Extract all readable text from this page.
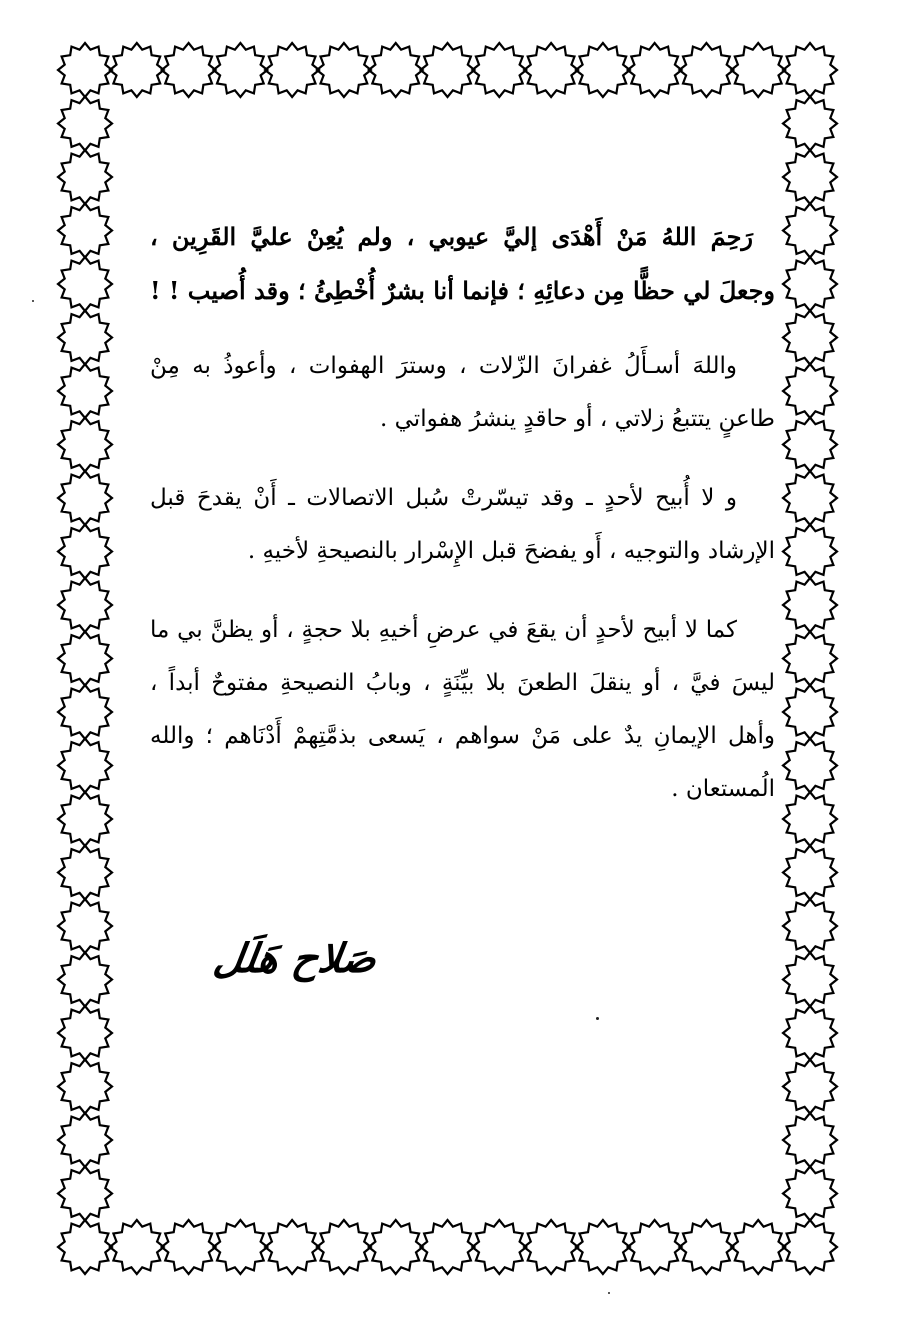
رَحِمَ اللهُ مَنْ أَهْدَى إليَّ عيوبي ، ولم يُعِنْ عليَّ القَرِين ، وجعلَ لي حظًّا مِن دعائِهِ ؛ فإنما أنا بشرٌ أُخْطِئُ ؛ وقد أُصيب ! !

واللهَ أسـأَلُ غفرانَ الزّلات ، وسترَ الهفوات ، وأعوذُ به مِنْ طاعنٍ يتتبعُ زلاتي ، أو حاقدٍ ينشرُ هفواتي .

و لا أُبيح لأحدٍ ـ وقد تيسّرتْ سُبل الاتصالات ـ أَنْ يقدحَ قبل الإرشاد والتوجيه ، أَو يفضحَ قبل الإِسْرار بالنصيحةِ لأخيهِ .

كما لا أبيح لأحدٍ أن يقعَ في عرضِ أخيهِ بلا حجةٍ ، أو يظنَّ بي ما ليسَ فيَّ ، أو ينقلَ الطعنَ بلا بيِّنَةٍ ، وبابُ النصيحةِ مفتوحٌ أبداً ، وأهل الإيمانِ يدٌ على مَنْ سواهم ، يَسعى بذمَّتِهمْ أَدْنَاهم ؛ والله الُمستعان .

صَلاح هَلَل
